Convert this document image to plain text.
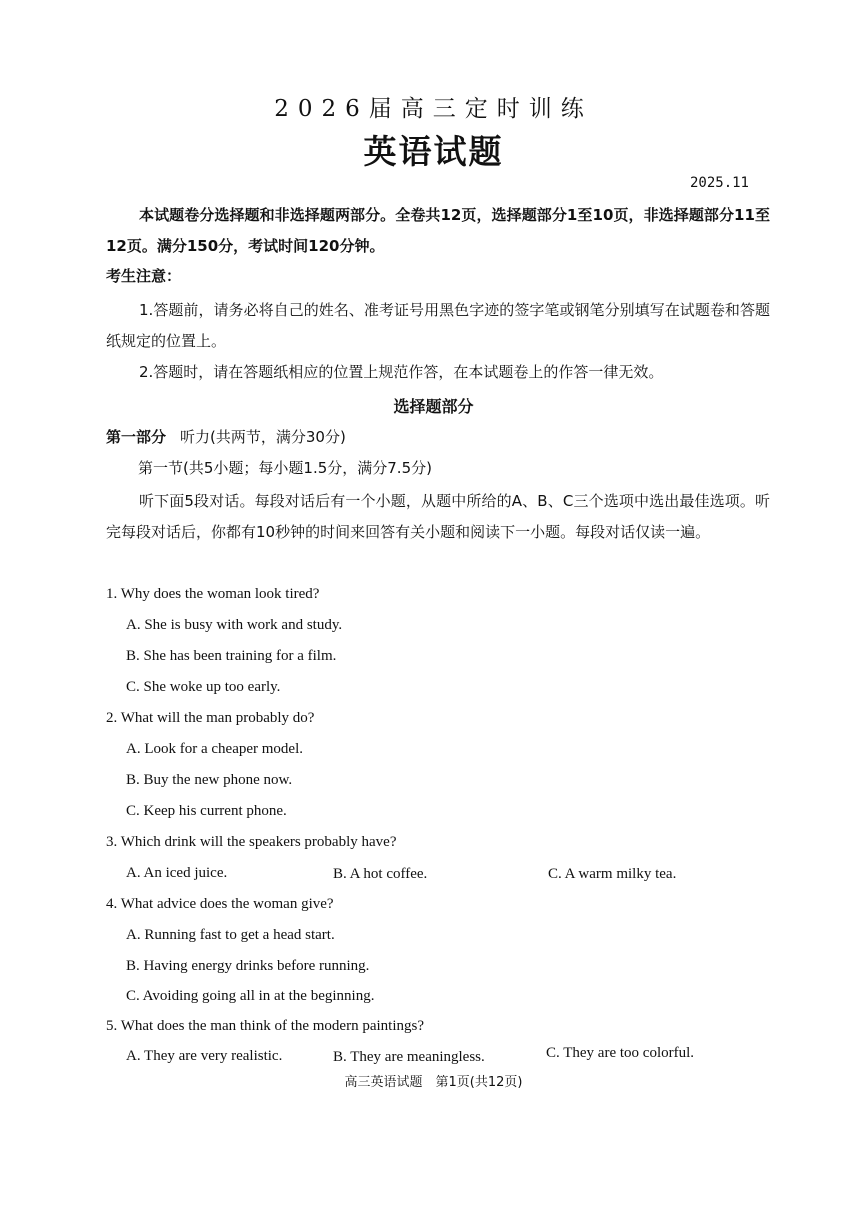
2026届高三定时训练
英语试题
2025.11
本试题卷分选择题和非选择题两部分。全卷共12页，选择题部分1至10页，非选择题部分11至12页。满分150分，考试时间120分钟。
考生注意：
1.答题前，请务必将自己的姓名、准考证号用黑色字迹的签字笔或钢笔分别填写在试题卷和答题纸规定的位置上。
2.答题时，请在答题纸相应的位置上规范作答，在本试题卷上的作答一律无效。
选择题部分
第一部分 听力(共两节，满分30分)
第一节(共5小题；每小题1.5分，满分7.5分)
听下面5段对话。每段对话后有一个小题，从题中所给的A、B、C三个选项中选出最佳选项。听完每段对话后，你都有10秒钟的时间来回答有关小题和阅读下一小题。每段对话仅读一遍。
1. Why does the woman look tired?
A. She is busy with work and study.
B. She has been training for a film.
C. She woke up too early.
2. What will the man probably do?
A. Look for a cheaper model.
B. Buy the new phone now.
C. Keep his current phone.
3. Which drink will the speakers probably have?
A. An iced juice.	B. A hot coffee.	C. A warm milky tea.
4. What advice does the woman give?
A. Running fast to get a head start.
B. Having energy drinks before running.
C. Avoiding going all in at the beginning.
5. What does the man think of the modern paintings?
A. They are very realistic.	B. They are meaningless.	C. They are too colorful.
高三英语试题　第1页(共12页)
